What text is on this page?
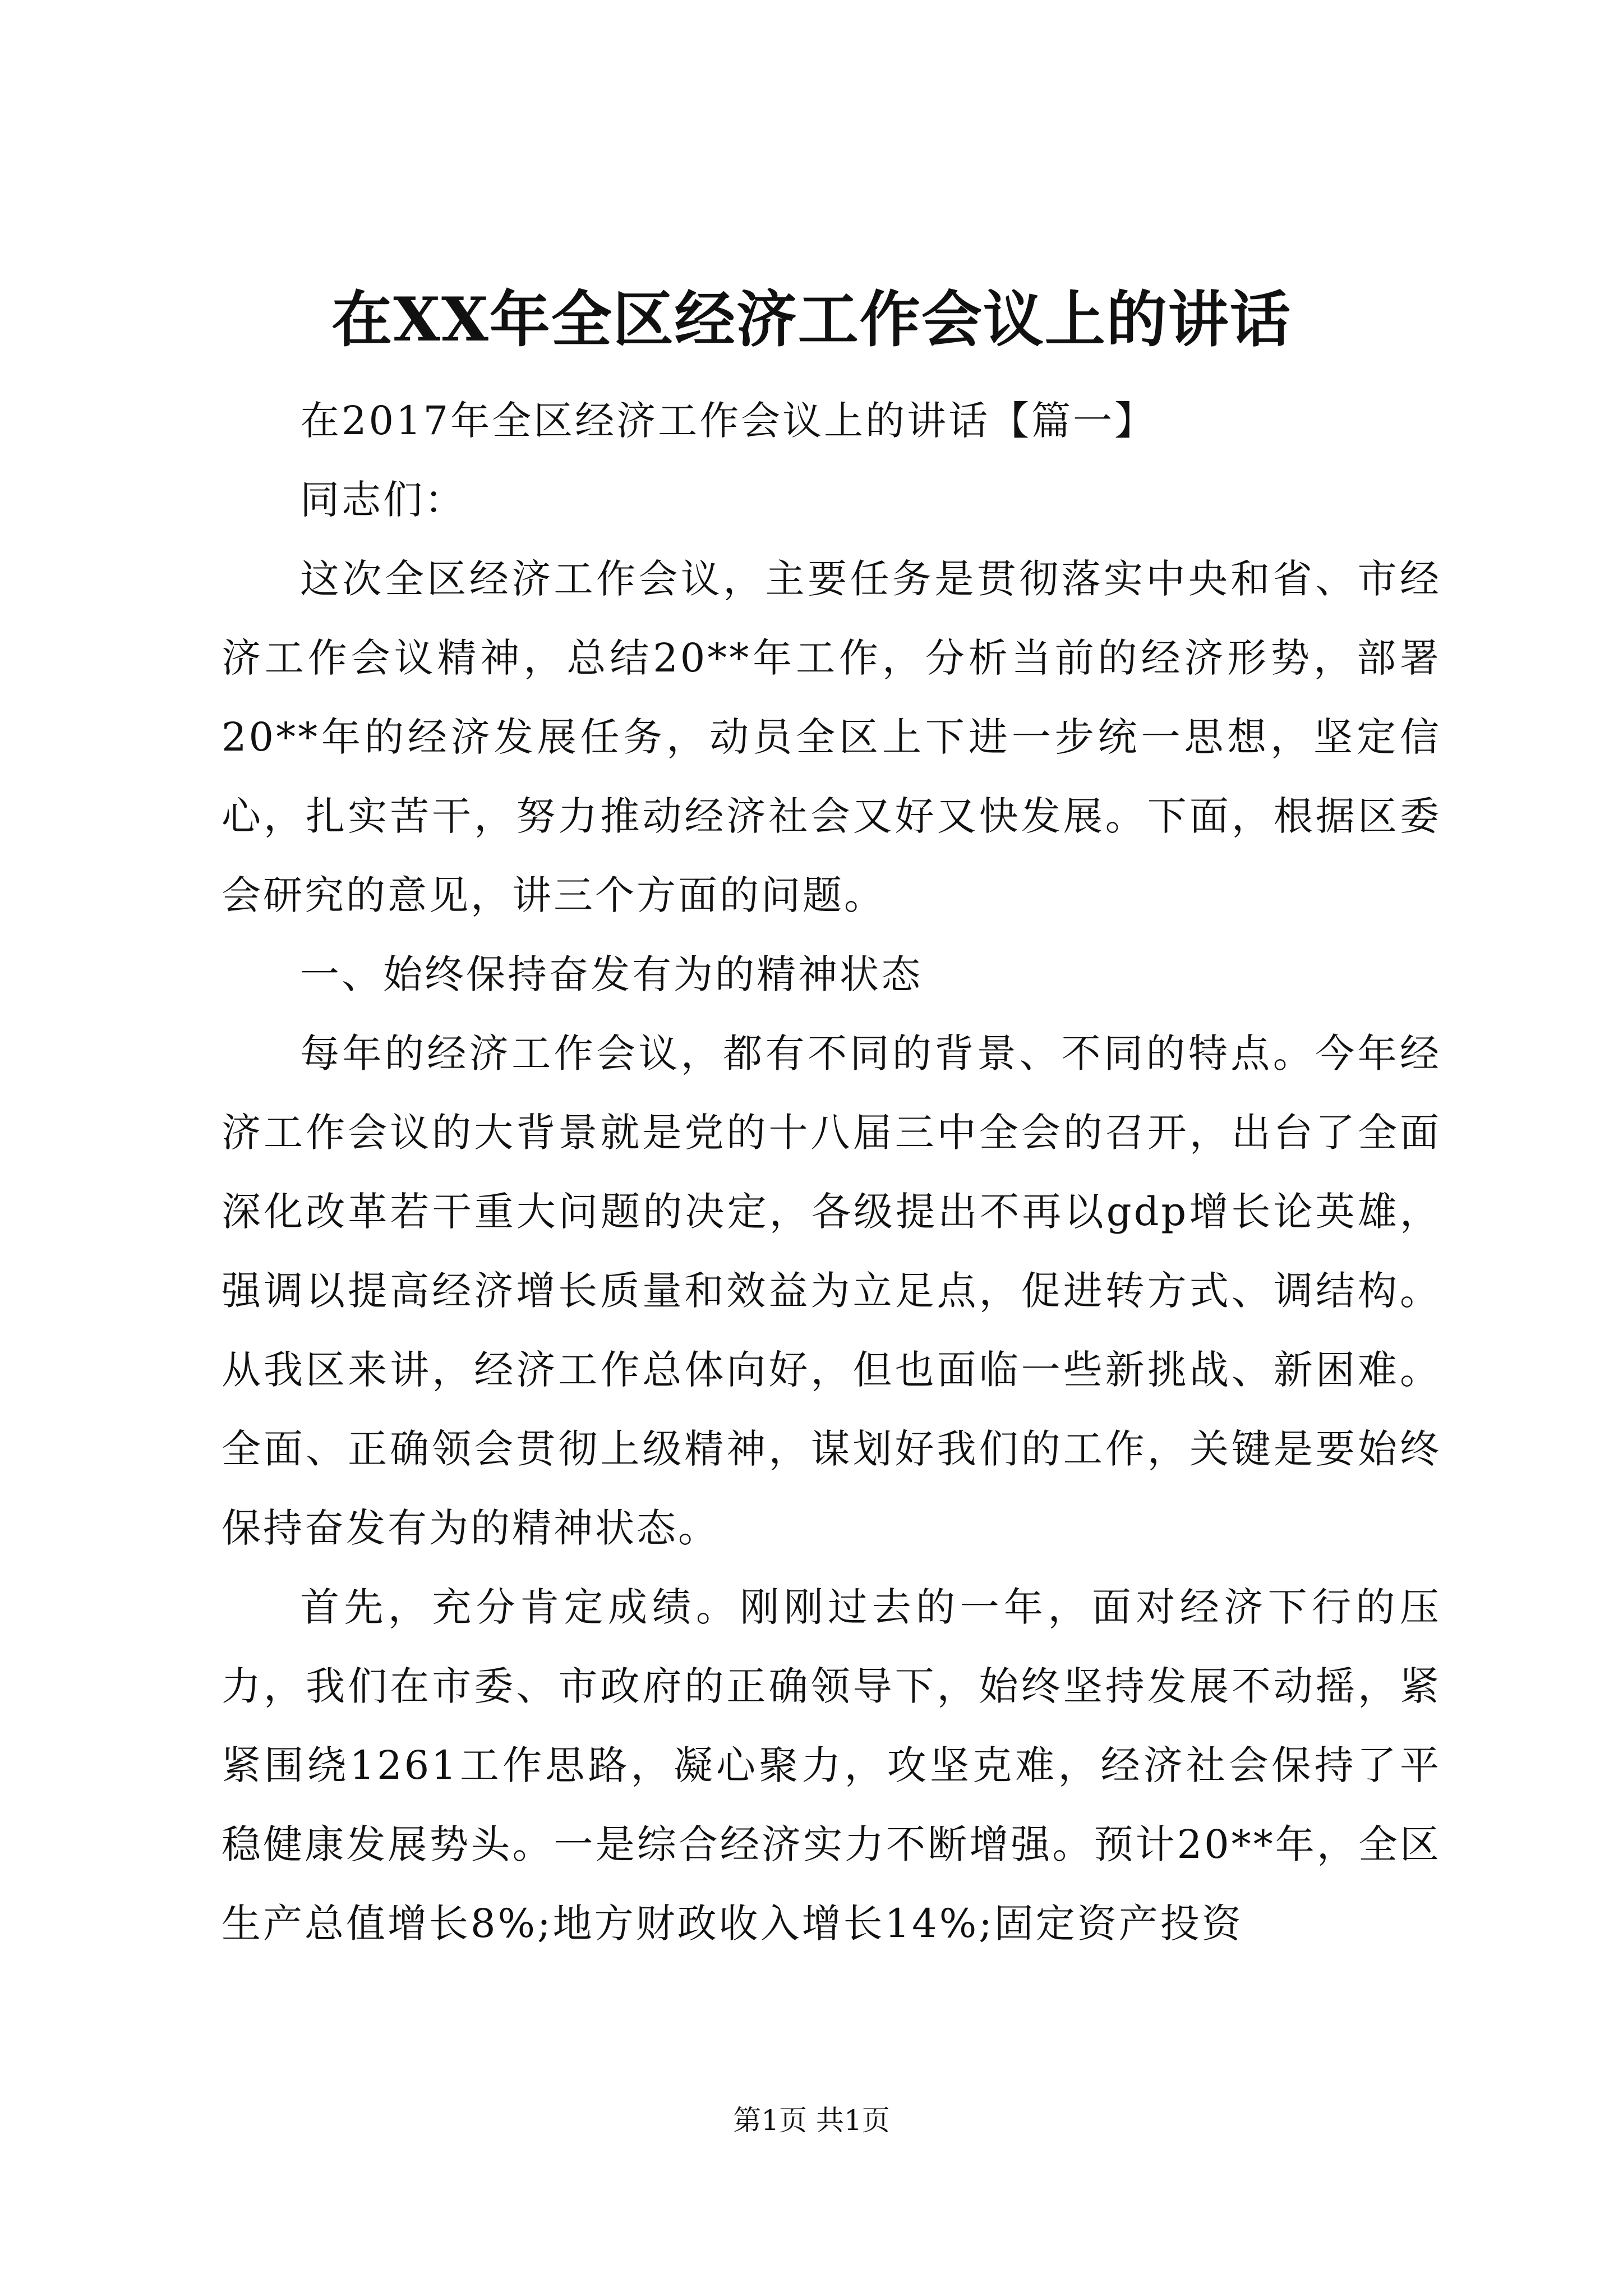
在XX年全区经济工作会议上的讲话

在2017年全区经济工作会议上的讲话【篇一】

同志们：

这次全区经济工作会议，主要任务是贯彻落实中央和省、市经济工作会议精神，总结20**年工作，分析当前的经济形势，部署20**年的经济发展任务，动员全区上下进一步统一思想，坚定信心，扎实苦干，努力推动经济社会又好又快发展。下面，根据区委会研究的意见，讲三个方面的问题。

一、始终保持奋发有为的精神状态

每年的经济工作会议，都有不同的背景、不同的特点。今年经济工作会议的大背景就是党的十八届三中全会的召开，出台了全面深化改革若干重大问题的决定，各级提出不再以gdp增长论英雄，强调以提高经济增长质量和效益为立足点，促进转方式、调结构。从我区来讲，经济工作总体向好，但也面临一些新挑战、新困难。全面、正确领会贯彻上级精神，谋划好我们的工作，关键是要始终保持奋发有为的精神状态。

首先，充分肯定成绩。刚刚过去的一年，面对经济下行的压力，我们在市委、市政府的正确领导下，始终坚持发展不动摇，紧紧围绕1261工作思路，凝心聚力，攻坚克难，经济社会保持了平稳健康发展势头。一是综合经济实力不断增强。预计20**年，全区生产总值增长8%;地方财政收入增长14%;固定资产投资

第1页 共1页
